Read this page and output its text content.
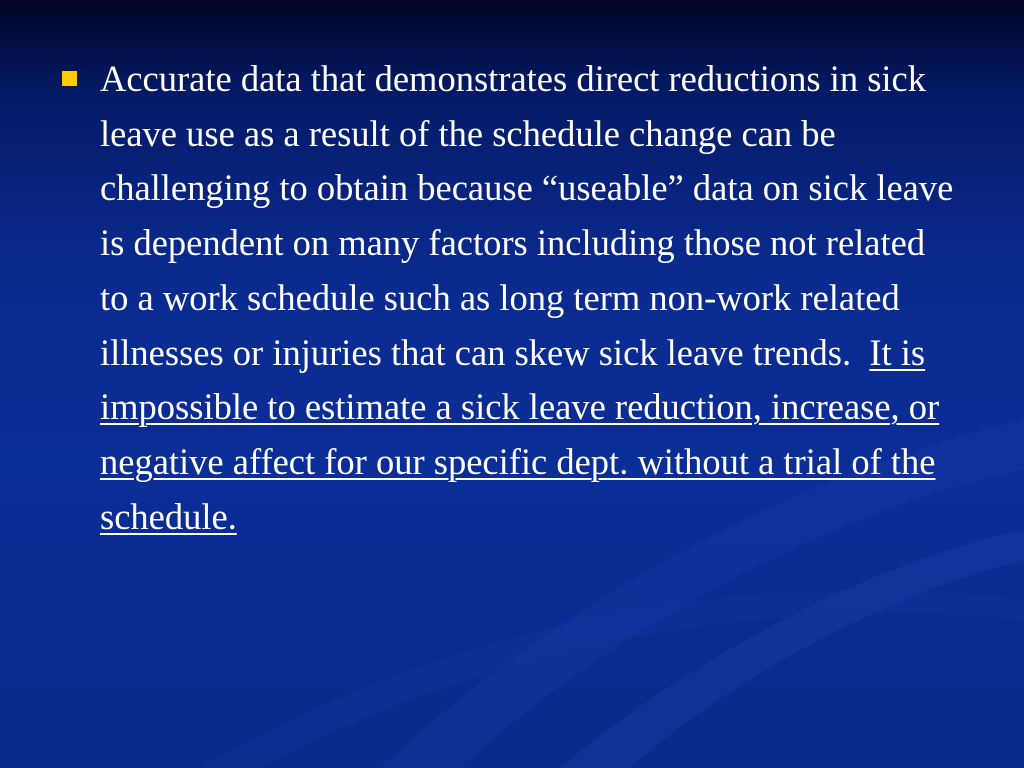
Accurate data that demonstrates direct reductions in sick leave use as a result of the schedule change can be challenging to obtain because “useable” data on sick leave is dependent on many factors including those not related to a work schedule such as long term non-work related illnesses or injuries that can skew sick leave trends. It is impossible to estimate a sick leave reduction, increase, or negative affect for our specific dept. without a trial of the schedule.
